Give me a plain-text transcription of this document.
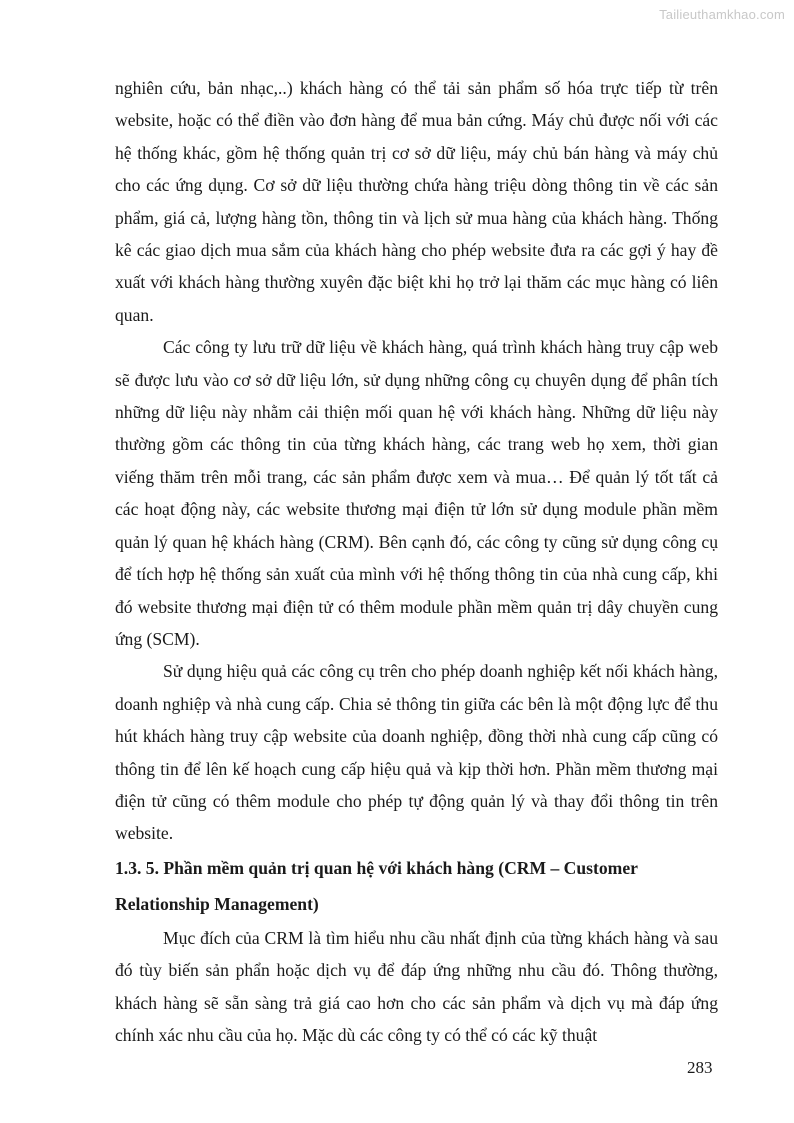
Tailieuthamkhao.com

nghiên cứu, bản nhạc,..) khách hàng có thể tải sản phẩm số hóa trực tiếp từ trên website, hoặc có thể điền vào đơn hàng để mua bản cứng. Máy chủ được nối với các hệ thống khác, gồm hệ thống quản trị cơ sở dữ liệu, máy chủ bán hàng và máy chủ cho các ứng dụng. Cơ sở dữ liệu thường chứa hàng triệu dòng thông tin về các sản phẩm, giá cả, lượng hàng tồn, thông tin và lịch sử mua hàng của khách hàng. Thống kê các giao dịch mua sắm của khách hàng cho phép website đưa ra các gợi ý hay đề xuất với khách hàng thường xuyên đặc biệt khi họ trở lại thăm các mục hàng có liên quan.

Các công ty lưu trữ dữ liệu về khách hàng, quá trình khách hàng truy cập web sẽ được lưu vào cơ sở dữ liệu lớn, sử dụng những công cụ chuyên dụng để phân tích những dữ liệu này nhằm cải thiện mối quan hệ với khách hàng. Những dữ liệu này thường gồm các thông tin của từng khách hàng, các trang web họ xem, thời gian viếng thăm trên mỗi trang, các sản phẩm được xem và mua… Để quản lý tốt tất cả các hoạt động này, các website thương mại điện tử lớn sử dụng module phần mềm quản lý quan hệ khách hàng (CRM). Bên cạnh đó, các công ty cũng sử dụng công cụ để tích hợp hệ thống sản xuất của mình với hệ thống thông tin của nhà cung cấp, khi đó website thương mại điện tử có thêm module phần mềm quản trị dây chuyền cung ứng (SCM).

Sử dụng hiệu quả các công cụ trên cho phép doanh nghiệp kết nối khách hàng, doanh nghiệp và nhà cung cấp. Chia sẻ thông tin giữa các bên là một động lực để thu hút khách hàng truy cập website của doanh nghiệp, đồng thời nhà cung cấp cũng có thông tin để lên kế hoạch cung cấp hiệu quả và kịp thời hơn. Phần mềm thương mại điện tử cũng có thêm module cho phép tự động quản lý và thay đổi thông tin trên website.

1.3. 5. Phần mềm quản trị quan hệ với khách hàng (CRM – Customer Relationship Management)

Mục đích của CRM là tìm hiểu nhu cầu nhất định của từng khách hàng và sau đó tùy biến sản phẩn hoặc dịch vụ để đáp ứng những nhu cầu đó. Thông thường, khách hàng sẽ sẵn sàng trả giá cao hơn cho các sản phẩm và dịch vụ mà đáp ứng chính xác nhu cầu của họ. Mặc dù các công ty có thể có các kỹ thuật

283
